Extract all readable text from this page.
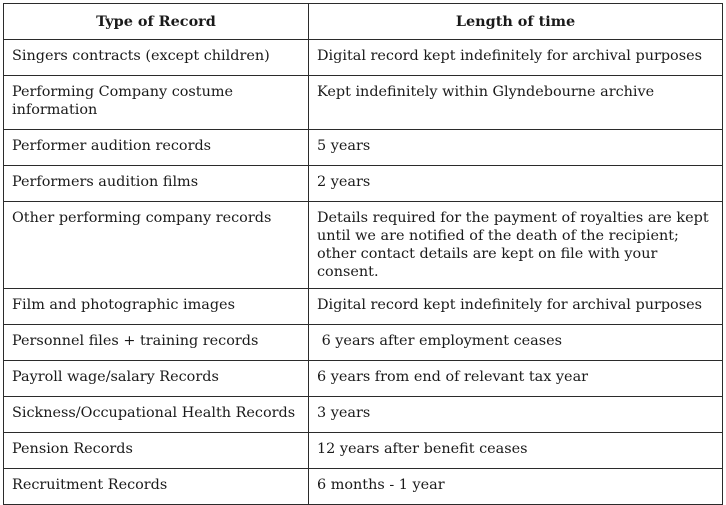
Type of Record	Length of time
Singers contracts (except children)	Digital record kept indefinitely for archival purposes
Performing Company costume information	Kept indefinitely within Glyndebourne archive
Performer audition records	5 years
Performers audition films	2 years
Other performing company records	Details required for the payment of royalties are kept until we are notified of the death of the recipient; other contact details are kept on file with your consent.
Film and photographic images	Digital record kept indefinitely for archival purposes
Personnel files + training records	6 years after employment ceases
Payroll wage/salary Records	6 years from end of relevant tax year
Sickness/Occupational Health Records	3 years
Pension Records	12 years after benefit ceases
Recruitment Records	6 months - 1 year
